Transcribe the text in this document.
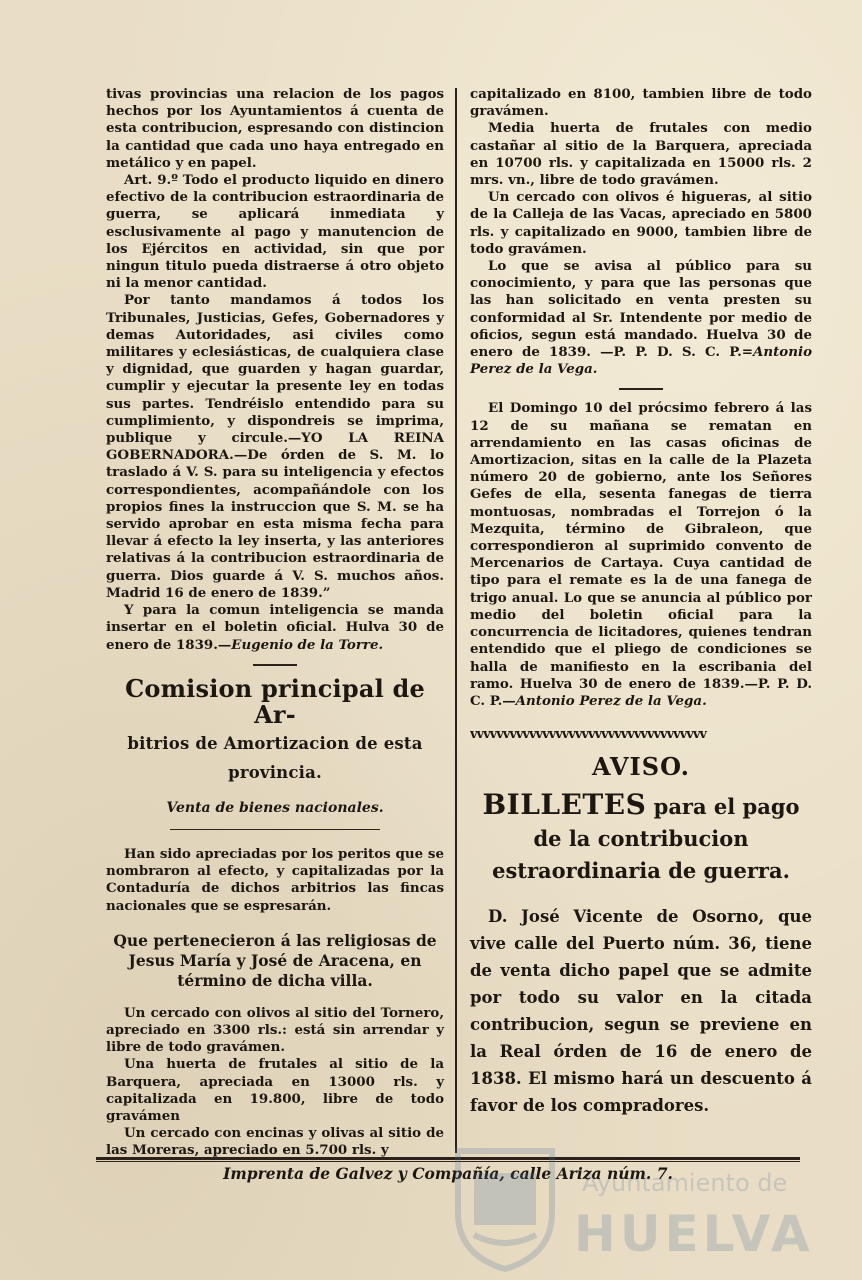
tivas provincias una relacion de los pagos hechos por los Ayuntamientos á cuenta de esta contribucion, espresando con distincion la cantidad que cada uno haya entregado en metálico y en papel.

Art. 9.º Todo el producto liquido en dinero efectivo de la contribucion estraordinaria de guerra, se aplicará inmediata y esclusivamente al pago y manutencion de los Ejércitos en actividad, sin que por ningun titulo pueda distraerse á otro objeto ni la menor cantidad.

Por tanto mandamos á todos los Tribunales, Justicias, Gefes, Gobernadores y demas Autoridades, asi civiles como militares y eclesiásticas, de cualquiera clase y dignidad, que guarden y hagan guardar, cumplir y ejecutar la presente ley en todas sus partes. Tendréislo entendido para su cumplimiento, y dispondreis se imprima, publique y circule.—YO LA REINA GOBERNADORA.—De órden de S. M. lo traslado á V. S. para su inteligencia y efectos correspondientes, acompañándole con los propios fines la instruccion que S. M. se ha servido aprobar en esta misma fecha para llevar á efecto la ley inserta, y las anteriores relativas á la contribucion estraordinaria de guerra. Dios guarde á V. S. muchos años. Madrid 16 de enero de 1839.”

Y para la comun inteligencia se manda insertar en el boletin oficial. Hulva 30 de enero de 1839.—Eugenio de la Torre.

Comision principal de Ar-
bitrios de Amortizacion de esta provincia.
Venta de bienes nacionales.

Han sido apreciadas por los peritos que se nombraron al efecto, y capitalizadas por la Contaduría de dichos arbitrios las fincas nacionales que se espresarán.

Que pertenecieron á las religiosas de Jesus María y José de Aracena, en término de dicha villa.

Un cercado con olivos al sitio del Tornero, apreciado en 3300 rls.: está sin arrendar y libre de todo gravámen.

Una huerta de frutales al sitio de la Barquera, apreciada en 13000 rls. y capitalizada en 19.800, libre de todo gravámen

Un cercado con encinas y olivas al sitio de las Moreras, apreciado en 5.700 rls. y

capitalizado en 8100, tambien libre de todo gravámen.

Media huerta de frutales con medio castañar al sitio de la Barquera, apreciada en 10700 rls. y capitalizada en 15000 rls. 2 mrs. vn., libre de todo gravámen.

Un cercado con olivos é higueras, al sitio de la Calleja de las Vacas, apreciado en 5800 rls. y capitalizado en 9000, tambien libre de todo gravámen.

Lo que se avisa al público para su conocimiento, y para que las personas que las han solicitado en venta presten su conformidad al Sr. Intendente por medio de oficios, segun está mandado. Huelva 30 de enero de 1839. —P. P. D. S. C. P.=Antonio Perez de la Vega.

El Domingo 10 del prócsimo febrero á las 12 de su mañana se rematan en arrendamiento en las casas oficinas de Amortizacion, sitas en la calle de la Plazeta número 20 de gobierno, ante los Señores Gefes de ella, sesenta fanegas de tierra montuosas, nombradas el Torrejon ó la Mezquita, término de Gibraleon, que correspondieron al suprimido convento de Mercenarios de Cartaya. Cuya cantidad de tipo para el remate es la de una fanega de trigo anual. Lo que se anuncia al público por medio del boletin oficial para la concurrencia de licitadores, quienes tendran entendido que el pliego de condiciones se halla de manifiesto en la escribania del ramo. Huelva 30 de enero de 1839.—P. P. D. C. P.—Antonio Perez de la Vega.

vvvvvvvvvvvvvvvvvvvvvvvvvvvvvvvvvvvv
AVISO.
BILLETES para el pago de la contribucion estraordinaria de guerra.

D. José Vicente de Osorno, que vive calle del Puerto núm. 36, tiene de venta dicho papel que se admite por todo su valor en la citada contribucion, segun se previene en la Real órden de 16 de enero de 1838. El mismo hará un descuento á favor de los compradores.

Imprenta de Galvez y Compañía, calle Ariza núm. 7.
Ayuntamiento de
HUELVA
